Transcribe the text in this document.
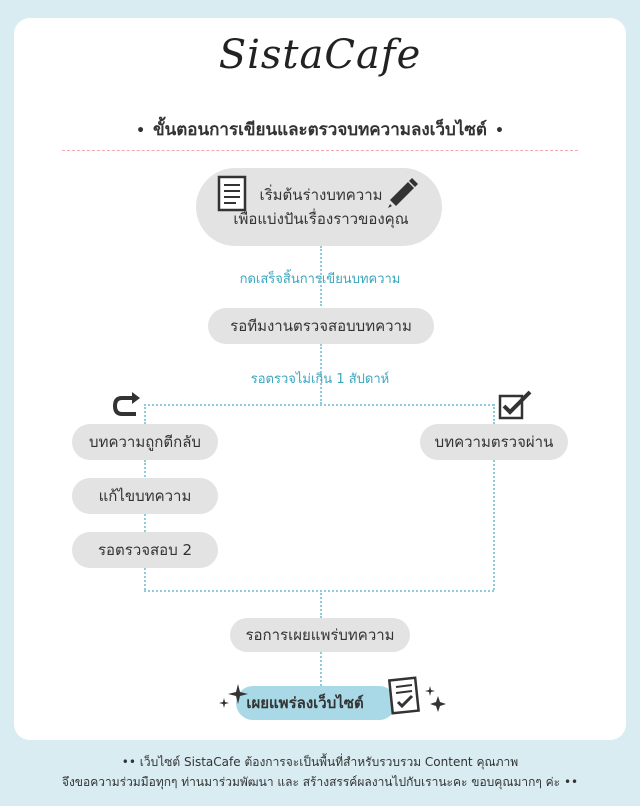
SistaCafe
• ขั้นตอนการเขียนและตรวจบทความลงเว็บไซต์ •
เริ่มต้นร่างบทความ
เพื่อแบ่งปันเรื่องราวของคุณ
กดเสร็จสิ้นการเขียนบทความ
รอทีมงานตรวจสอบบทความ
รอตรวจไม่เกิน 1 สัปดาห์
บทความถูกตีกลับ	บทความตรวจผ่าน
แก้ไขบทความ
รอตรวจสอบ 2
รอการเผยแพร่บทความ
เผยแพร่ลงเว็บไซต์
•• เว็บไซต์ SistaCafe ต้องการจะเป็นพื้นที่สำหรับรวบรวม Content คุณภาพ
จึงขอความร่วมมือทุกๆ ท่านมาร่วมพัฒนา และ สร้างสรรค์ผลงานไปกับเรานะคะ ขอบคุณมากๆ ค่ะ ••
